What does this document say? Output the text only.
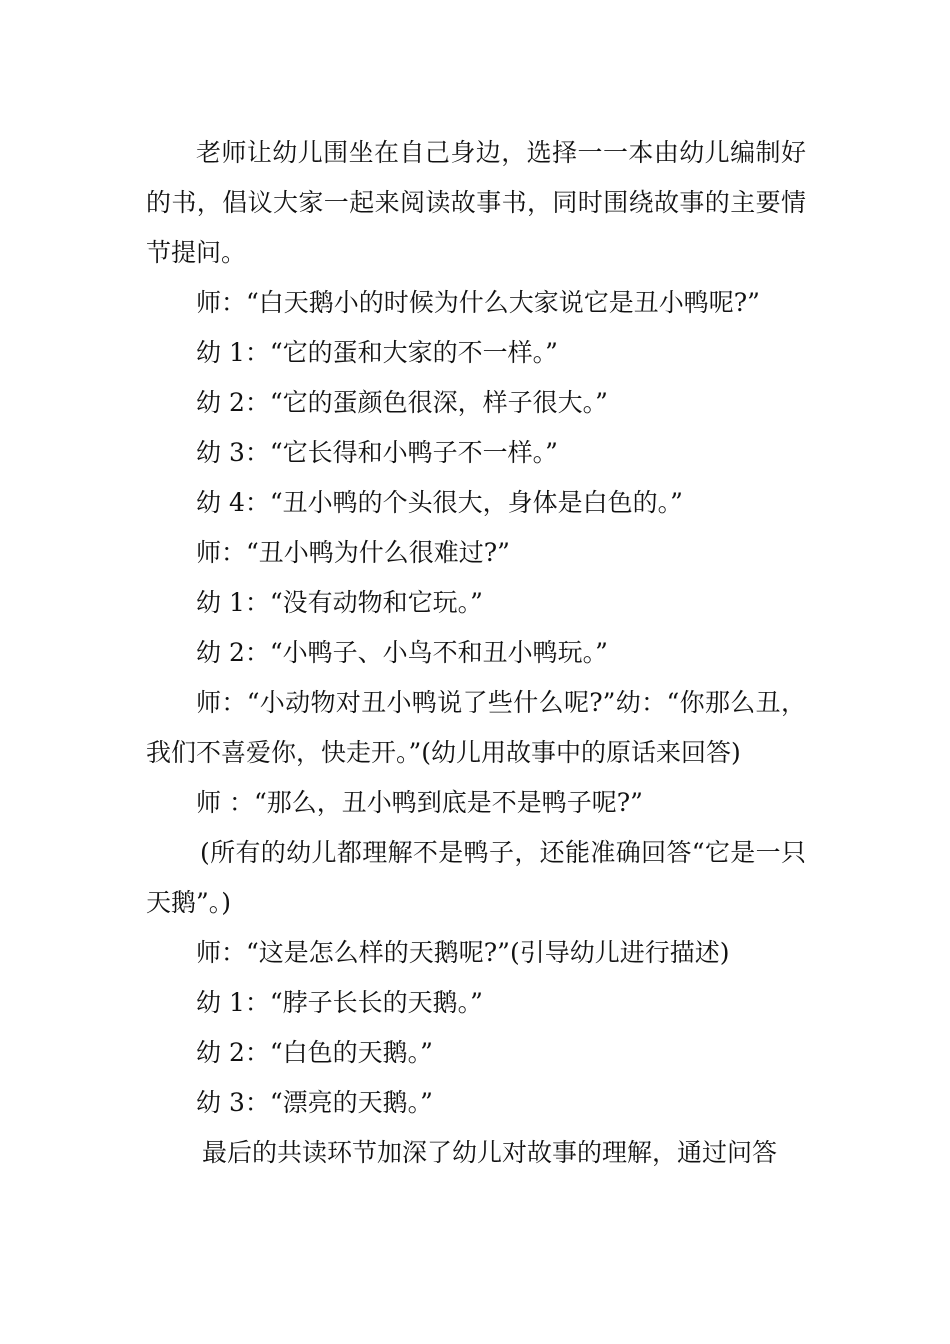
老师让幼儿围坐在自己身边，选择一一本由幼儿编制好的书，倡议大家一起来阅读故事书，同时围绕故事的主要情节提问。

师：“白天鹅小的时候为什么大家说它是丑小鸭呢?”

幼 1：“它的蛋和大家的不一样。”

幼 2：“它的蛋颜色很深，样子很大。”

幼 3：“它长得和小鸭子不一样。”

幼 4：“丑小鸭的个头很大，身体是白色的。”

师：“丑小鸭为什么很难过?”

幼 1：“没有动物和它玩。”

幼 2：“小鸭子、小鸟不和丑小鸭玩。”

师：“小动物对丑小鸭说了些什么呢?”幼：“你那么丑，我们不喜爱你，快走开。”(幼儿用故事中的原话来回答)

师 ：“那么，丑小鸭到底是不是鸭子呢?”

(所有的幼儿都理解不是鸭子，还能准确回答“它是一只天鹅”。)

师：“这是怎么样的天鹅呢?”(引导幼儿进行描述)

幼 1：“脖子长长的天鹅。”

幼 2：“白色的天鹅。”

幼 3：“漂亮的天鹅。”

最后的共读环节加深了幼儿对故事的理解，通过问答
